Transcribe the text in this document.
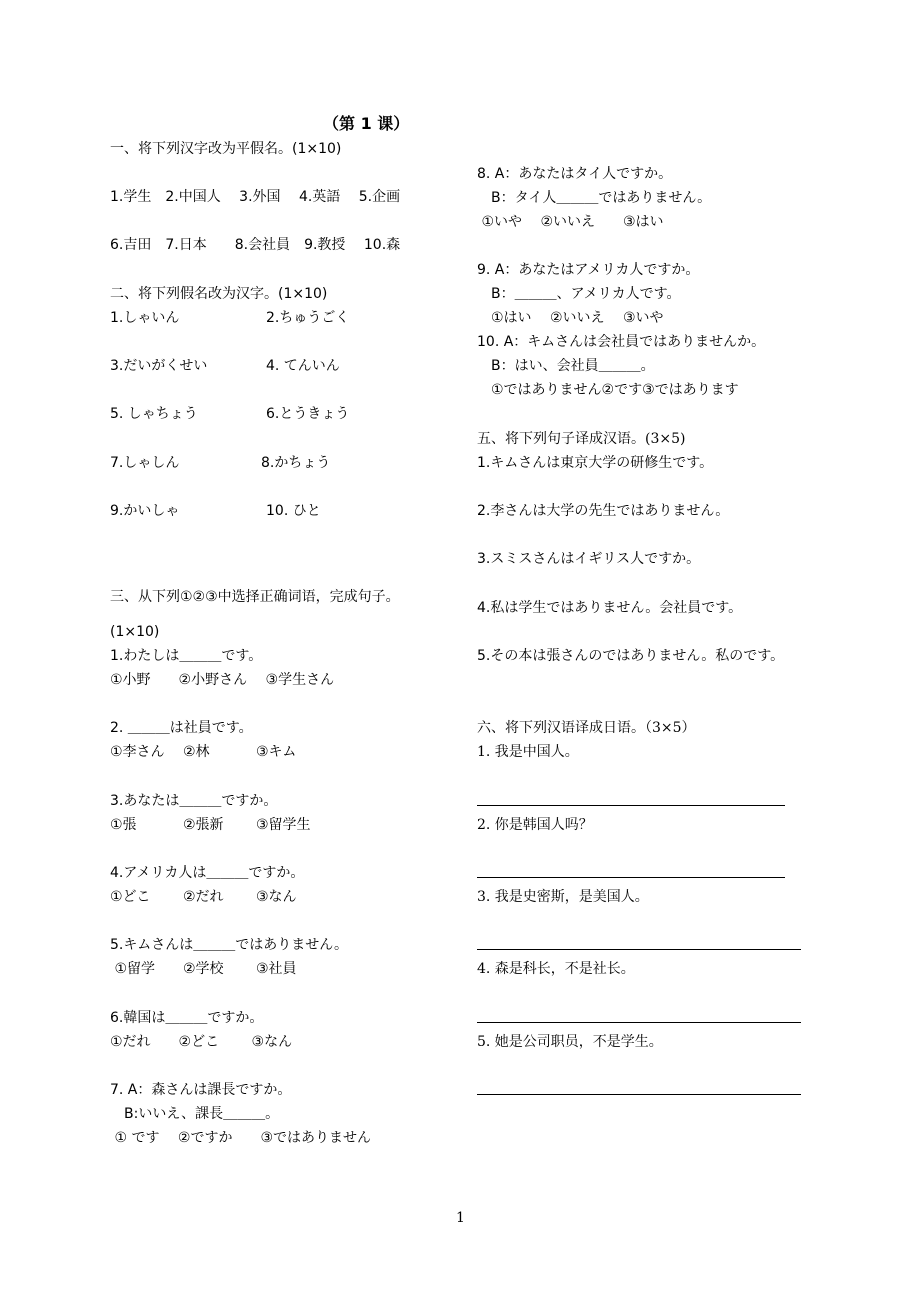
（第 1 课）
一、将下列汉字改为平假名。(1×10)
1.学生　2.中国人　 3.外国　 4.英語　 5.企画
6.吉田　7.日本　　8.会社員　9.教授　 10.森
二、将下列假名改为汉字。(1×10)
1.しゃいん	2.ちゅうごく
3.だいがくせい	4. てんいん
5. しゃちょう	6.とうきょう
7.しゃしん	8.かちょう
9.かいしゃ	10. ひと
三、从下列①②③中选择正确词语，完成句子。
(1×10)
1.わたしは＿＿＿です。
①小野　　②小野さん　 ③学生さん
2. ＿＿＿は社員です。
①李さん　 ②林　　　 ③キム
3.あなたは＿＿＿ですか。
①張　　　 ②張新　　 ③留学生
4.アメリカ人は＿＿＿ですか。
①どこ　　 ②だれ　　 ③なん
5.キムさんは＿＿＿ではありません。
①留学　　②学校　　 ③社員
6.韓国は＿＿＿ですか。
①だれ　　②どこ　　 ③なん
7. A：森さんは課長ですか。
　B:いいえ、課長＿＿＿。
① です　 ②ですか　　③ではありません
8. A：あなたはタイ人ですか。
　B：タイ人＿＿＿ではありません。
①いや　 ②いいえ　　③はい
9. A：あなたはアメリカ人ですか。
　B：＿＿＿、アメリカ人です。
　①はい　 ②いいえ　 ③いや
10. A：キムさんは会社員ではありませんか。
　B：はい、会社員＿＿＿。
　①ではありません②です③ではあります
五、将下列句子译成汉语。(3×5)
1.キムさんは東京大学の研修生です。
2.李さんは大学の先生ではありません。
3.スミスさんはイギリス人ですか。
4.私は学生ではありません。会社員です。
5.その本は張さんのではありません。私のです。
六、将下列汉语译成日语。（3×5）
1. 我是中国人。
2. 你是韩国人吗？
3. 我是史密斯，是美国人。
4. 森是科长，不是社长。
5. 她是公司职员，不是学生。
1
